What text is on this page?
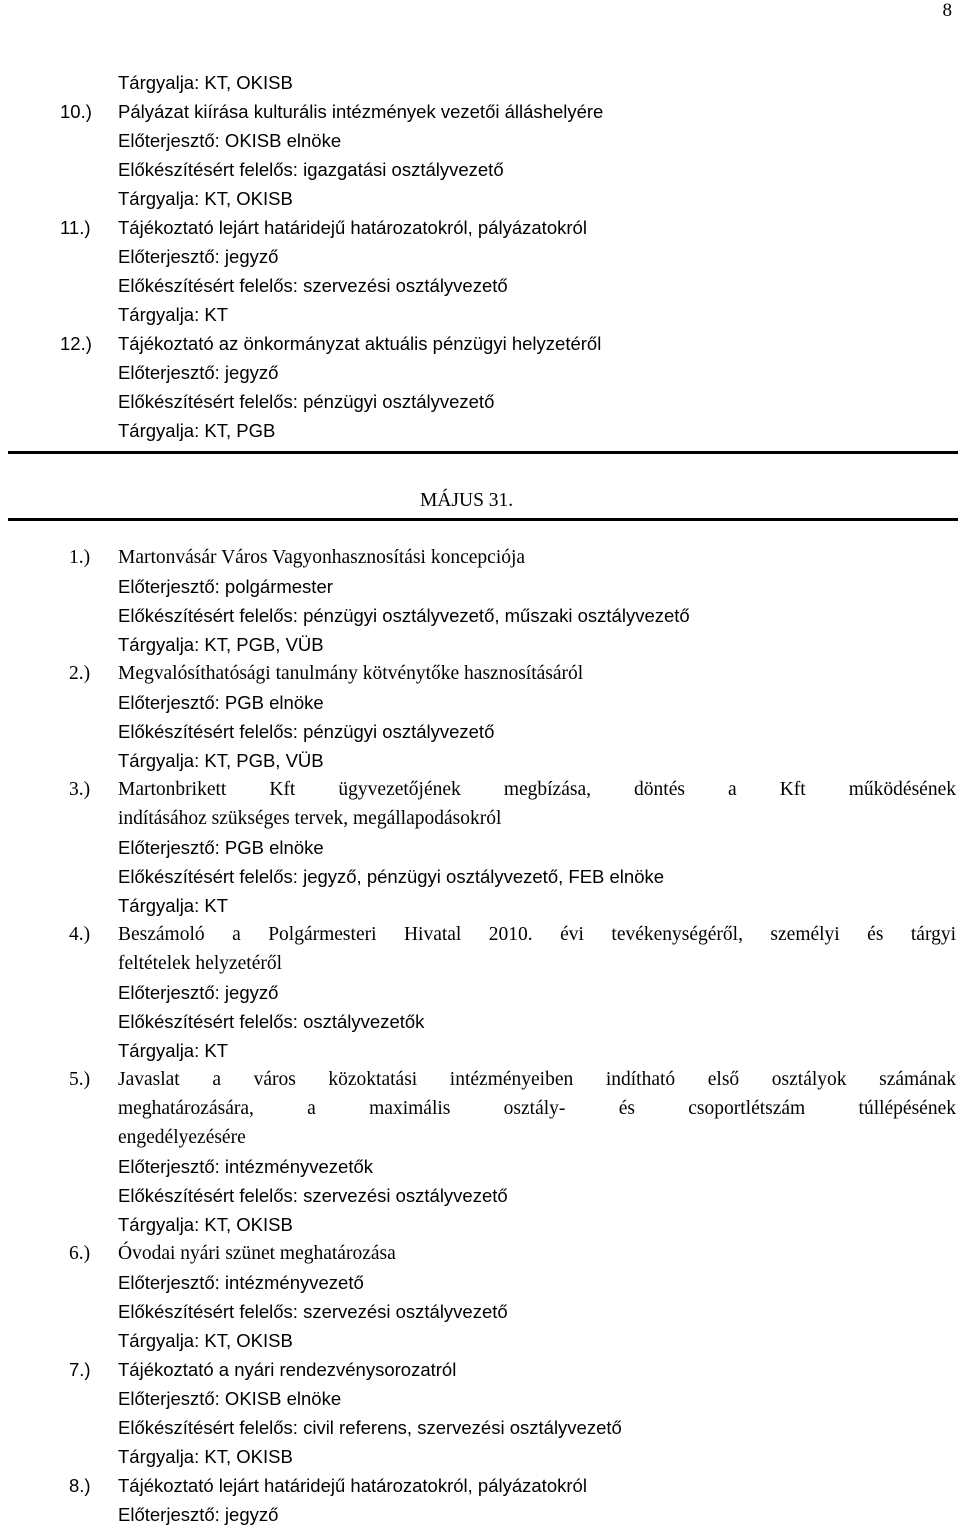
8
Tárgyalja: KT, OKISB
10.) Pályázat kiírása kulturális intézmények vezetői álláshelyére
Előterjesztő: OKISB elnöke
Előkészítésért felelős: igazgatási osztályvezető
Tárgyalja: KT, OKISB
11.) Tájékoztató lejárt határidejű határozatokról, pályázatokról
Előterjesztő: jegyző
Előkészítésért felelős: szervezési osztályvezető
Tárgyalja: KT
12.) Tájékoztató az önkormányzat aktuális pénzügyi helyzetéről
Előterjesztő: jegyző
Előkészítésért felelős: pénzügyi osztályvezető
Tárgyalja: KT, PGB
MÁJUS 31.
1.) Martonvásár Város Vagyonhasznosítási koncepciója
Előterjesztő: polgármester
Előkészítésért felelős: pénzügyi osztályvezető, műszaki osztályvezető
Tárgyalja: KT, PGB, VÜB
2.) Megvalósíthatósági tanulmány kötvénytőke hasznosításáról
Előterjesztő: PGB elnöke
Előkészítésért felelős: pénzügyi osztályvezető
Tárgyalja: KT, PGB, VÜB
3.) Martonbrikett Kft ügyvezetőjének megbízása, döntés a Kft működésének
indításához szükséges tervek, megállapodásokról
Előterjesztő: PGB elnöke
Előkészítésért felelős: jegyző, pénzügyi osztályvezető, FEB elnöke
Tárgyalja: KT
4.) Beszámoló a Polgármesteri Hivatal 2010. évi tevékenységéről, személyi és tárgyi
feltételek helyzetéről
Előterjesztő: jegyző
Előkészítésért felelős: osztályvezetők
Tárgyalja: KT
5.) Javaslat a város közoktatási intézményeiben indítható első osztályok számának
meghatározására, a maximális osztály- és csoportlétszám túllépésének
engedélyezésére
Előterjesztő: intézményvezetők
Előkészítésért felelős: szervezési osztályvezető
Tárgyalja: KT, OKISB
6.) Óvodai nyári szünet meghatározása
Előterjesztő: intézményvezető
Előkészítésért felelős: szervezési osztályvezető
Tárgyalja: KT, OKISB
7.) Tájékoztató a nyári rendezvénysorozatról
Előterjesztő: OKISB elnöke
Előkészítésért felelős: civil referens, szervezési osztályvezető
Tárgyalja: KT, OKISB
8.) Tájékoztató lejárt határidejű határozatokról, pályázatokról
Előterjesztő: jegyző
